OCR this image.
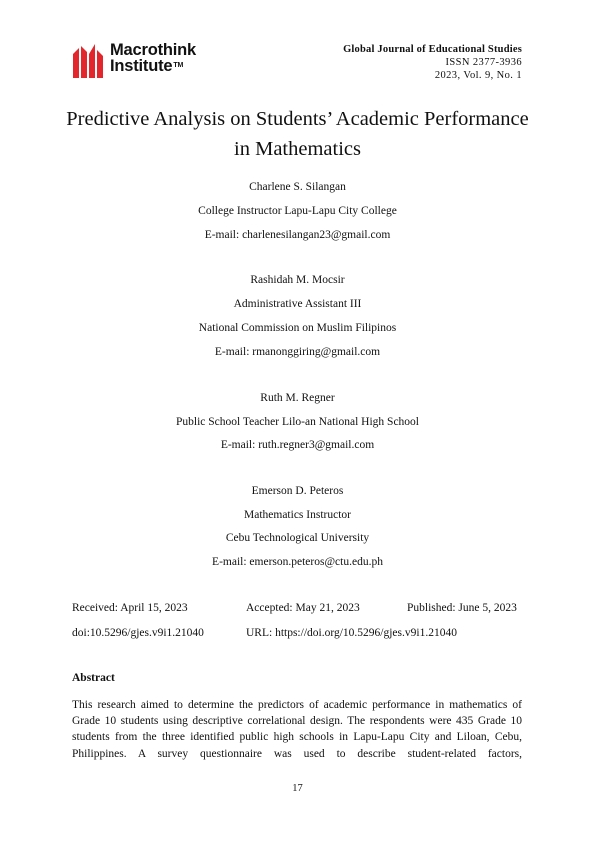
Macrothink
Institute™
Global Journal of Educational Studies
ISSN 2377-3936
2023, Vol. 9, No. 1
Predictive Analysis on Students’ Academic Performance
in Mathematics
Charlene S. Silangan
College Instructor Lapu-Lapu City College
E-mail: charlenesilangan23@gmail.com
Rashidah M. Mocsir
Administrative Assistant III
National Commission on Muslim Filipinos
E-mail: rmanonggiring@gmail.com
Ruth M. Regner
Public School Teacher Lilo-an National High School
E-mail: ruth.regner3@gmail.com
Emerson D. Peteros
Mathematics Instructor
Cebu Technological University
E-mail: emerson.peteros@ctu.edu.ph
Received: April 15, 2023	Accepted: May 21, 2023	Published: June 5, 2023
doi:10.5296/gjes.v9i1.21040	URL: https://doi.org/10.5296/gjes.v9i1.21040
Abstract
This research aimed to determine the predictors of academic performance in mathematics of
Grade 10 students using descriptive correlational design. The respondents were 435 Grade 10
students from the three identified public high schools in Lapu-Lapu City and Liloan, Cebu,
Philippines. A survey questionnaire was used to describe student-related factors,
17
